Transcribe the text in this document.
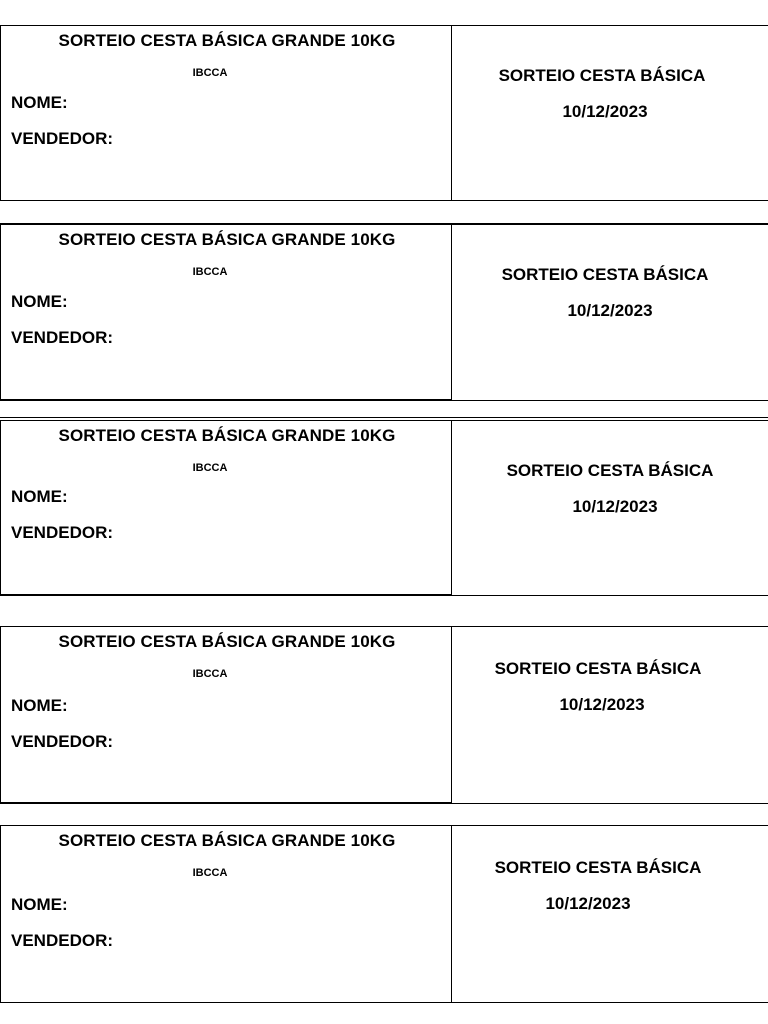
SORTEIO CESTA BÁSICA GRANDE 10KG
IBCCA
NOME:
VENDEDOR:
SORTEIO CESTA BÁSICA
10/12/2023
SORTEIO CESTA BÁSICA GRANDE 10KG
IBCCA
NOME:
VENDEDOR:
SORTEIO CESTA BÁSICA
10/12/2023
SORTEIO CESTA BÁSICA GRANDE 10KG
IBCCA
NOME:
VENDEDOR:
SORTEIO CESTA BÁSICA
10/12/2023
SORTEIO CESTA BÁSICA GRANDE 10KG
IBCCA
NOME:
VENDEDOR:
SORTEIO CESTA BÁSICA
10/12/2023
SORTEIO CESTA BÁSICA GRANDE 10KG
IBCCA
NOME:
VENDEDOR:
SORTEIO CESTA BÁSICA
10/12/2023
